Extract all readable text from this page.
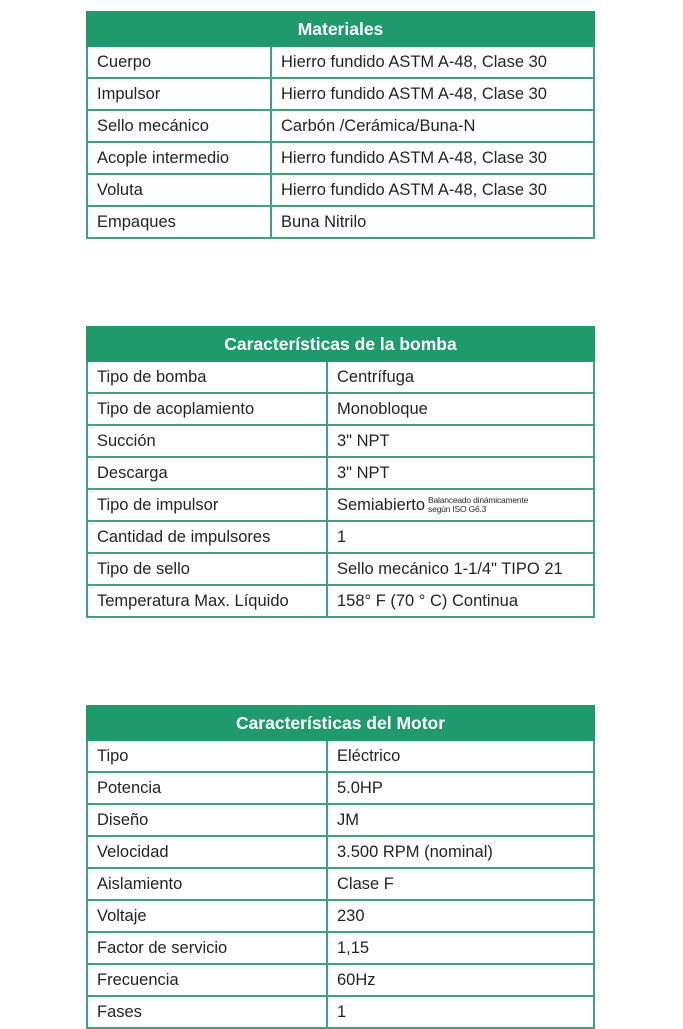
Materiales	
Cuerpo	Hierro fundido ASTM A-48, Clase 30
Impulsor	Hierro fundido ASTM A-48, Clase 30
Sello mecánico	Carbón /Cerámica/Buna-N
Acople intermedio	Hierro fundido ASTM A-48, Clase 30
Voluta	Hierro fundido ASTM A-48, Clase 30
Empaques	Buna Nitrilo
Características de la bomba	
Tipo de bomba	Centrífuga
Tipo de acoplamiento	Monobloque
Succión	3" NPT
Descarga	3" NPT
Tipo de impulsor	Semiabierto Balanceado dinámicamente
según ISO G6.3

Cantidad de impulsores	1
Tipo de sello	Sello mecánico 1-1/4" TIPO 21
Temperatura Max. Líquido	158° F (70 ° C) Continua
Características del Motor	
Tipo	Eléctrico
Potencia	5.0HP
Diseño	JM
Velocidad	3.500 RPM (nominal)
Aislamiento	Clase F
Voltaje	230
Factor de servicio	1,15
Frecuencia	60Hz
Fases	1
